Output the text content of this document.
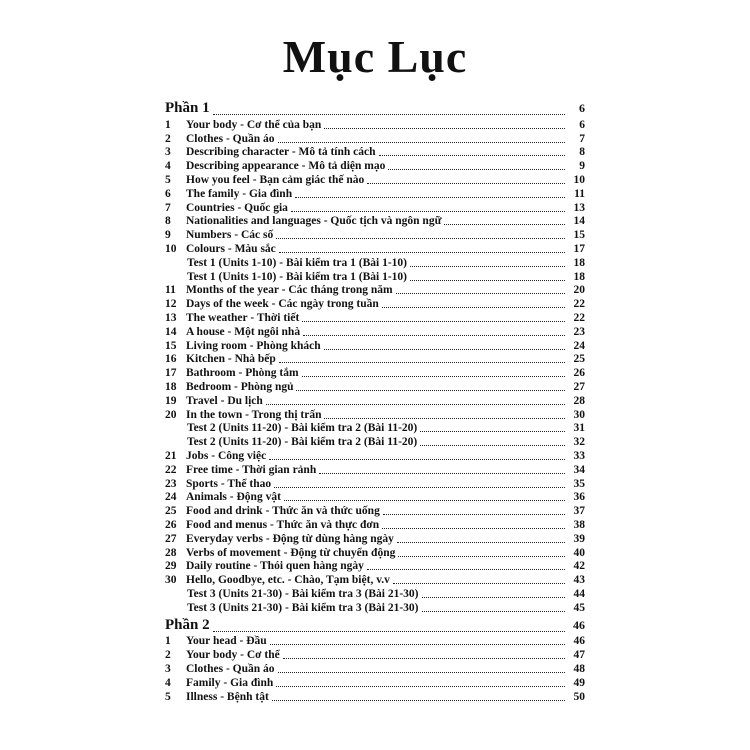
Mục Lục
Phần 1	6
1	Your body - Cơ thể của bạn	6
2	Clothes - Quần áo	7
3	Describing character - Mô tả tính cách	8
4	Describing appearance - Mô tả diện mạo	9
5	How you feel - Bạn cảm giác thế nào	10
6	The family - Gia đình	11
7	Countries - Quốc gia	13
8	Nationalities and languages - Quốc tịch và ngôn ngữ	14
9	Numbers - Các số	15
10 Colours - Màu sắc	17
Test 1 (Units 1-10) - Bài kiểm tra 1 (Bài 1-10)	18
Test 1 (Units 1-10) - Bài kiểm tra 1 (Bài 1-10)	18
11 Months of the year - Các tháng trong năm	20
12 Days of the week - Các ngày trong tuần	22
13 The weather - Thời tiết	22
14 A house - Một ngôi nhà	23
15 Living room - Phòng khách	24
16 Kitchen - Nhà bếp	25
17 Bathroom - Phòng tắm	26
18 Bedroom - Phòng ngủ	27
19 Travel - Du lịch	28
20 In the town - Trong thị trấn	30
Test 2 (Units 11-20) - Bài kiểm tra 2 (Bài 11-20)	31
Test 2 (Units 11-20) - Bài kiểm tra 2 (Bài 11-20)	32
21 Jobs - Công việc	33
22 Free time - Thời gian rảnh	34
23 Sports - Thể thao	35
24 Animals - Động vật	36
25 Food and drink - Thức ăn và thức uống	37
26 Food and menus - Thức ăn và thực đơn	38
27 Everyday verbs - Động từ dùng hàng ngày	39
28 Verbs of movement - Động từ chuyển động	40
29 Daily routine - Thói quen hàng ngày	42
30 Hello, Goodbye, etc. - Chào, Tạm biệt, v.v	43
Test 3 (Units 21-30) - Bài kiểm tra 3 (Bài 21-30)	44
Test 3 (Units 21-30) - Bài kiểm tra 3 (Bài 21-30)	45
Phần 2	46
1	Your head - Đầu	46
2	Your body - Cơ thể	47
3	Clothes - Quần áo	48
4	Family - Gia đình	49
5	Illness - Bệnh tật	50
